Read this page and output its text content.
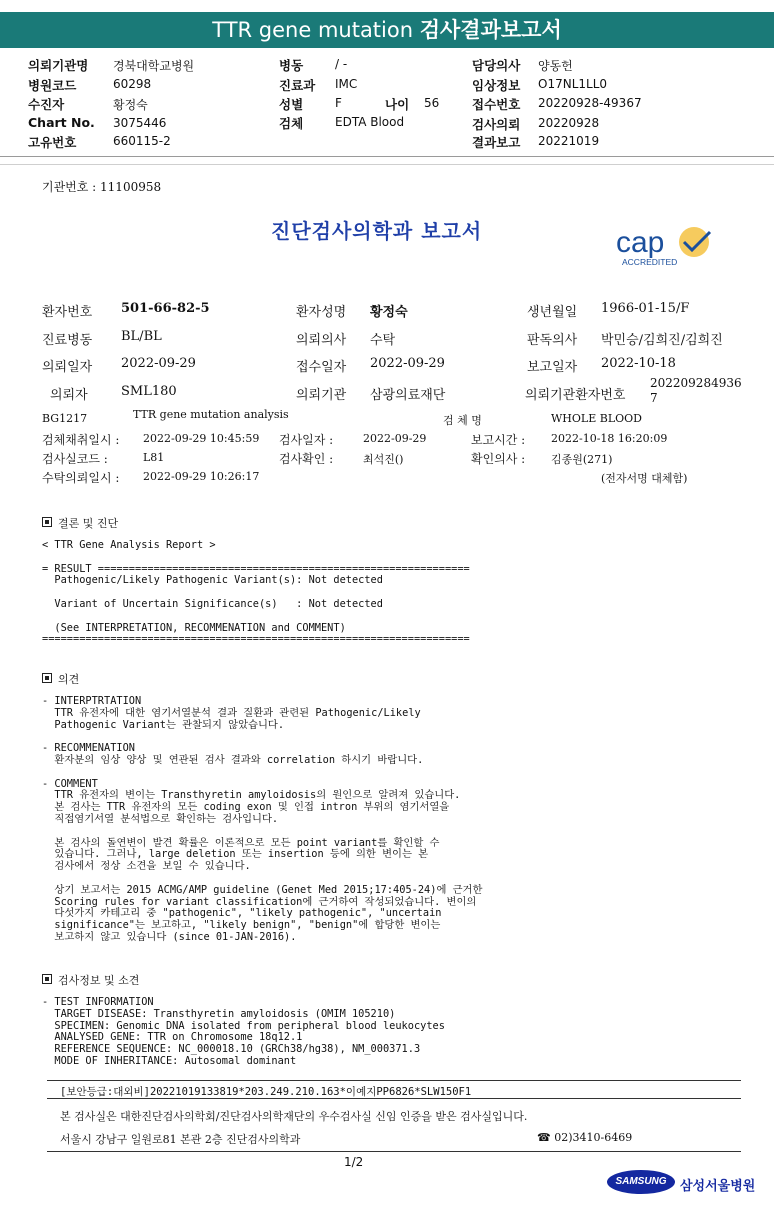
TTR gene mutation 검사결과보고서
의뢰기관명 경북대학교병원	병동	/ -	담당의사 양동헌
병원코드	60298	진료과 IMC	임상정보 O17NL1LL0
수진자	황정숙	성별	F	나이 56	접수번호 20220928-49367
Chart No. 3075446	검체	EDTA Blood	검사의뢰 20220928
고유번호	660115-2	결과보고 20221019
기관번호 : 11100958
진단검사의학과 보고서	cap
ACCREDITED
환자번호 501-66-82-5	환자성명 황정숙	생년월일 1966-01-15/F
진료병동 BL/BL	의뢰의사 수탁	판독의사 박민승/김희진/김희진
의뢰일자 2022-09-29	접수일자 2022-09-29	보고일자 2022-10-18
의뢰자	SML180	의뢰기관 삼광의료재단	의뢰기관환자번호
202209284936
7
BG1217	TTR gene mutation analysis	검 체 명	WHOLE BLOOD
검체채취일시 : 2022-09-29 10:45:59 검사일자 :	2022-09-29	보고시간 : 2022-10-18 16:20:09
검사실코드 :	L81	검사확인 :	최석진()	확인의사 : 김종원(271)
수탁의뢰일시 : 2022-09-29 10:26:17	(전자서명 대체함)
결론 및 진단
< TTR Gene Analysis Report >

= RESULT ============================================================
Pathogenic/Likely Pathogenic Variant(s): Not detected

Variant of Uncertain Significance(s)   : Not detected

(See INTERPRETATION, RECOMMENATION and COMMENT)
=====================================================================
의견
- INTERPTRTATION
TTR 유전자에 대한 염기서열분석 결과 질환과 관련된 Pathogenic/Likely
Pathogenic Variant는 관찰되지 않았습니다.

- RECOMMENATION
환자분의 임상 양상 및 연관된 검사 결과와 correlation 하시기 바랍니다.

- COMMENT
TTR 유전자의 변이는 Transthyretin amyloidosis의 원인으로 알려져 있습니다.
본 검사는 TTR 유전자의 모든 coding exon 및 인접 intron 부위의 염기서열을
직접염기서열 분석법으로 확인하는 검사입니다.

본 검사의 돌연변이 발견 확률은 이론적으로 모든 point variant를 확인할 수
있습니다. 그러나, large deletion 또는 insertion 등에 의한 변이는 본
검사에서 정상 소견을 보일 수 있습니다.

상기 보고서는 2015 ACMG/AMP guideline (Genet Med 2015;17:405-24)에 근거한
Scoring rules for variant classification에 근거하여 작성되었습니다. 변이의
다섯가지 카테고리 중 "pathogenic", "likely pathogenic", "uncertain
significance"는 보고하고, "likely benign", "benign"에 합당한 변이는
보고하지 않고 있습니다 (since 01-JAN-2016).
검사정보 및 소견
- TEST INFORMATION
TARGET DISEASE: Transthyretin amyloidosis (OMIM 105210)
SPECIMEN: Genomic DNA isolated from peripheral blood leukocytes
ANALYSED GENE: TTR on Chromosome 18q12.1
REFERENCE SEQUENCE: NC_000018.10 (GRCh38/hg38), NM_000371.3
MODE OF INHERITANCE: Autosomal dominant
[보안등급:대외비]20221019133819*203.249.210.163*이예지PP6826*SLW150F1
본 검사실은 대한진단검사의학회/진단검사의학재단의 우수검사실 신임 인증을 받은 검사실입니다.
서울시 강남구 일원로81 본관 2층 진단검사의학과	☎ 02)3410-6469
1/2
SAMSUNG	삼성서울병원
